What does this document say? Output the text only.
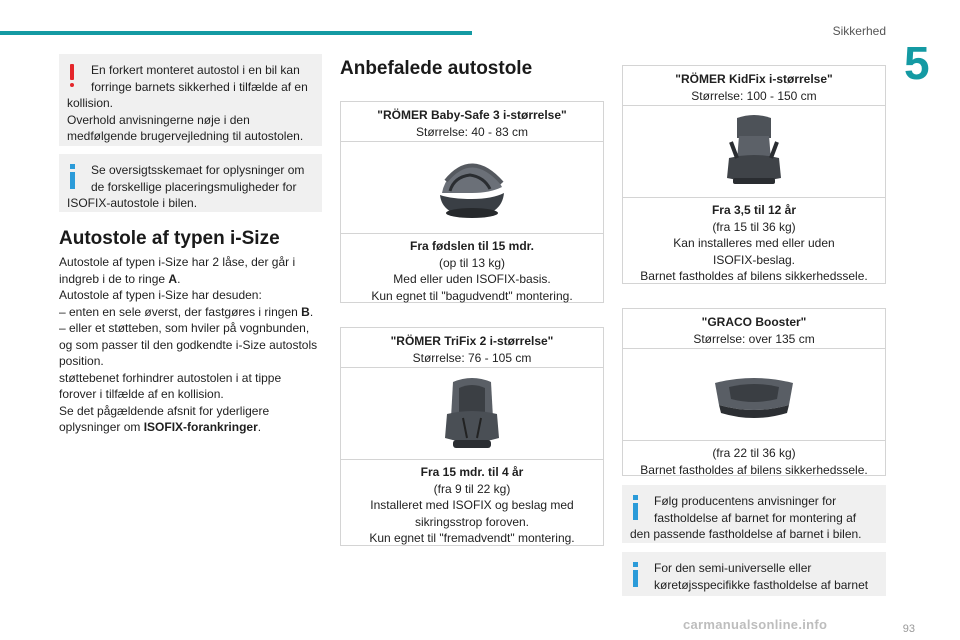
Sikkerhed
5
93
carmanualsonline.info
En forkert monteret autostol i en bil kan
forringe barnets sikkerhed i tilfælde af en
kollision.
Overhold anvisningerne nøje i den
medfølgende brugervejledning til autostolen.
Se oversigtsskemaet for oplysninger om
de forskellige placeringsmuligheder for
ISOFIX-autostole i bilen.
Autostole af typen i-Size

Autostole af typen i-Size har 2 låse, der går i

indgreb i de to ringe A.

Autostole af typen i-Size har desuden:

– enten en sele øverst, der fastgøres i ringen B.

– eller et støtteben, som hviler på vognbunden,

og som passer til den godkendte i-Size autostols

position.

støttebenet forhindrer autostolen i at tippe

forover i tilfælde af en kollision.

Se det pågældende afsnit for yderligere

oplysninger om ISOFIX-forankringer.

Anbefalede autostole
"RÖMER Baby-Safe 3 i-størrelse"
Størrelse: 40 - 83 cm
Fra fødslen til 15 mdr.
(op til 13 kg)
Med eller uden ISOFIX-basis.
Kun egnet til "bagudvendt" montering.
"RÖMER TriFix 2 i-størrelse"
Størrelse: 76 - 105 cm
Fra 15 mdr. til 4 år
(fra 9 til 22 kg)
Installeret med ISOFIX og beslag med
sikringsstrop foroven.
Kun egnet til "fremadvendt" montering.
"RÖMER KidFix i-størrelse"
Størrelse: 100 - 150 cm
Fra 3,5 til 12 år
(fra 15 til 36 kg)
Kan installeres med eller uden
ISOFIX-beslag.
Barnet fastholdes af bilens sikkerhedssele.
"GRACO Booster"
Størrelse: over 135 cm
(fra 22 til 36 kg)
Barnet fastholdes af bilens sikkerhedssele.
Følg producentens anvisninger for
fastholdelse af barnet for montering af
den passende fastholdelse af barnet i bilen.
For den semi-universelle eller
køretøjsspecifikke fastholdelse af barnet
